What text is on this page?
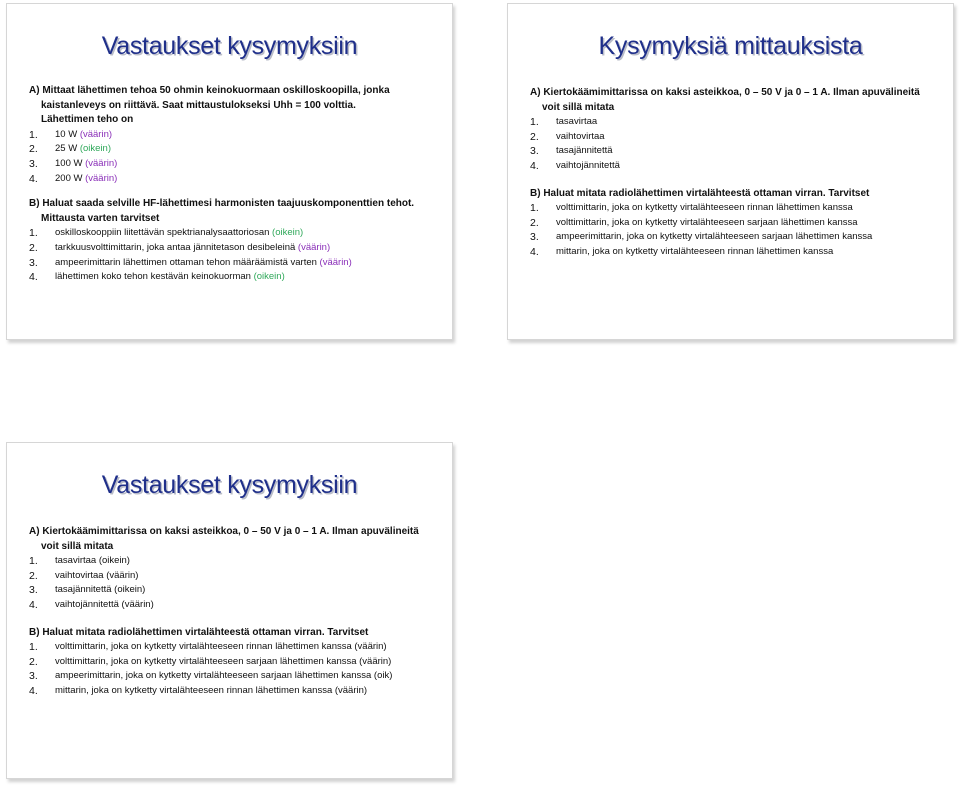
Vastaukset kysymyksiin
A) Mittaat lähettimen tehoa 50 ohmin keinokuormaan oskilloskoopilla, jonka
kaistanleveys on riittävä. Saat mittaustulokseksi Uhh = 100 volttia.
Lähettimen teho on
1.	10 W (väärin)
2.	25 W (oikein)
3.	100 W (väärin)
4.	200 W (väärin)
B) Haluat saada selville HF-lähettimesi harmonisten taajuuskomponenttien tehot.
Mittausta varten tarvitset
1.	oskilloskooppiin liitettävän spektrianalysaattoriosan (oikein)
2.	tarkkuusvolttimittarin, joka antaa jännitetason desibeleinä (väärin)
3.	ampeerimittarin lähettimen ottaman tehon määräämistä varten (väärin)
4.	lähettimen koko tehon kestävän keinokuorman (oikein)
Kysymyksiä mittauksista
A) Kiertokäämimittarissa on kaksi asteikkoa, 0 – 50 V ja 0 – 1 A. Ilman apuvälineitä
voit sillä mitata
1.	tasavirtaa
2.	vaihtovirtaa
3.	tasajännitettä
4.	vaihtojännitettä
B) Haluat mitata radiolähettimen virtalähteestä ottaman virran. Tarvitset
1.	volttimittarin, joka on kytketty virtalähteeseen rinnan lähettimen kanssa
2.	volttimittarin, joka on kytketty virtalähteeseen sarjaan lähettimen kanssa
3.	ampeerimittarin, joka on kytketty virtalähteeseen sarjaan lähettimen kanssa
4.	mittarin, joka on kytketty virtalähteeseen rinnan lähettimen kanssa
Vastaukset kysymyksiin
A) Kiertokäämimittarissa on kaksi asteikkoa, 0 – 50 V ja 0 – 1 A. Ilman apuvälineitä
voit sillä mitata
1.	tasavirtaa (oikein)
2.	vaihtovirtaa (väärin)
3.	tasajännitettä (oikein)
4.	vaihtojännitettä (väärin)
B) Haluat mitata radiolähettimen virtalähteestä ottaman virran. Tarvitset
1.	volttimittarin, joka on kytketty virtalähteeseen rinnan lähettimen kanssa (väärin)
2.	volttimittarin, joka on kytketty virtalähteeseen sarjaan lähettimen kanssa (väärin)
3.	ampeerimittarin, joka on kytketty virtalähteeseen sarjaan lähettimen kanssa (oik)
4.	mittarin, joka on kytketty virtalähteeseen rinnan lähettimen kanssa (väärin)
